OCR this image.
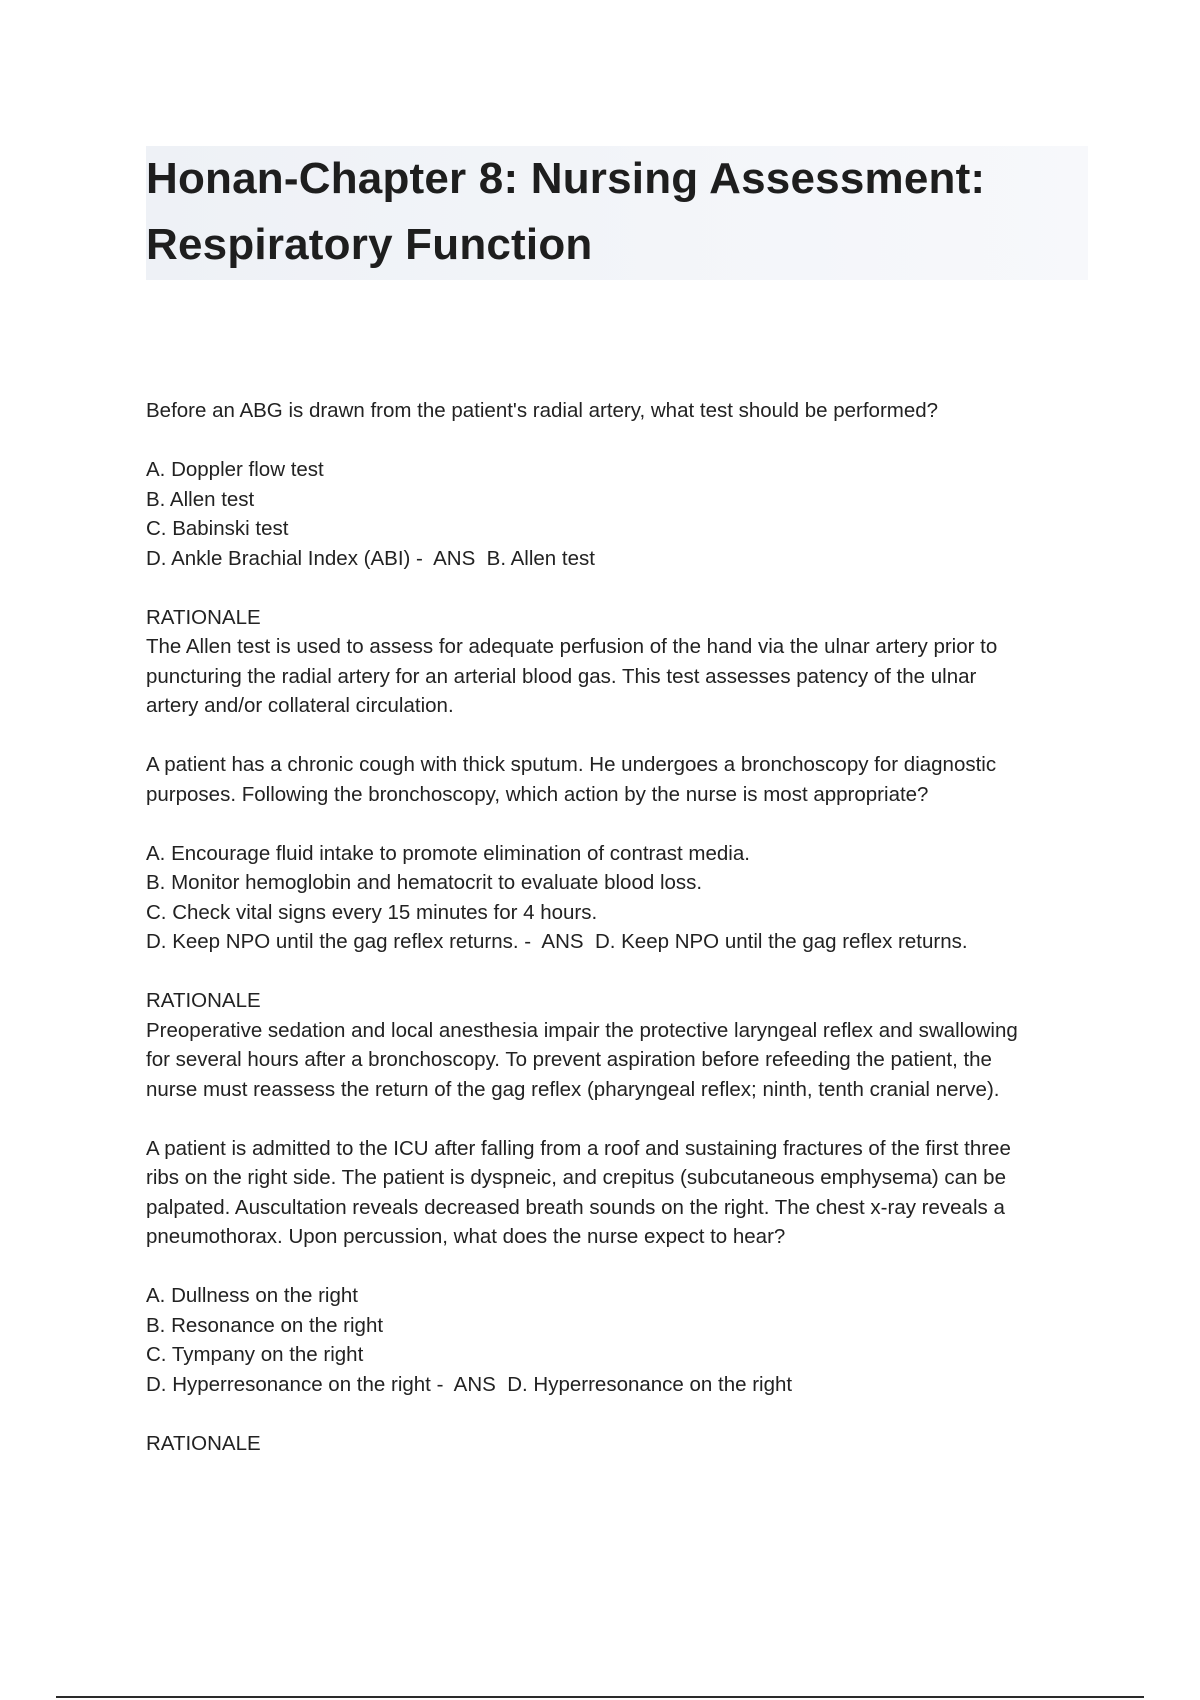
Honan-Chapter 8: Nursing Assessment:
Respiratory Function
Before an ABG is drawn from the patient's radial artery, what test should be performed?
A. Doppler flow test
B. Allen test
C. Babinski test
D. Ankle Brachial Index (ABI) -  ANS  B. Allen test
RATIONALE
The Allen test is used to assess for adequate perfusion of the hand via the ulnar artery prior to
puncturing the radial artery for an arterial blood gas. This test assesses patency of the ulnar
artery and/or collateral circulation.
A patient has a chronic cough with thick sputum. He undergoes a bronchoscopy for diagnostic
purposes. Following the bronchoscopy, which action by the nurse is most appropriate?
A. Encourage fluid intake to promote elimination of contrast media.
B. Monitor hemoglobin and hematocrit to evaluate blood loss.
C. Check vital signs every 15 minutes for 4 hours.
D. Keep NPO until the gag reflex returns. -  ANS  D. Keep NPO until the gag reflex returns.
RATIONALE
Preoperative sedation and local anesthesia impair the protective laryngeal reflex and swallowing
for several hours after a bronchoscopy. To prevent aspiration before refeeding the patient, the
nurse must reassess the return of the gag reflex (pharyngeal reflex; ninth, tenth cranial nerve).
A patient is admitted to the ICU after falling from a roof and sustaining fractures of the first three
ribs on the right side. The patient is dyspneic, and crepitus (subcutaneous emphysema) can be
palpated. Auscultation reveals decreased breath sounds on the right. The chest x-ray reveals a
pneumothorax. Upon percussion, what does the nurse expect to hear?
A. Dullness on the right
B. Resonance on the right
C. Tympany on the right
D. Hyperresonance on the right -  ANS  D. Hyperresonance on the right
RATIONALE
